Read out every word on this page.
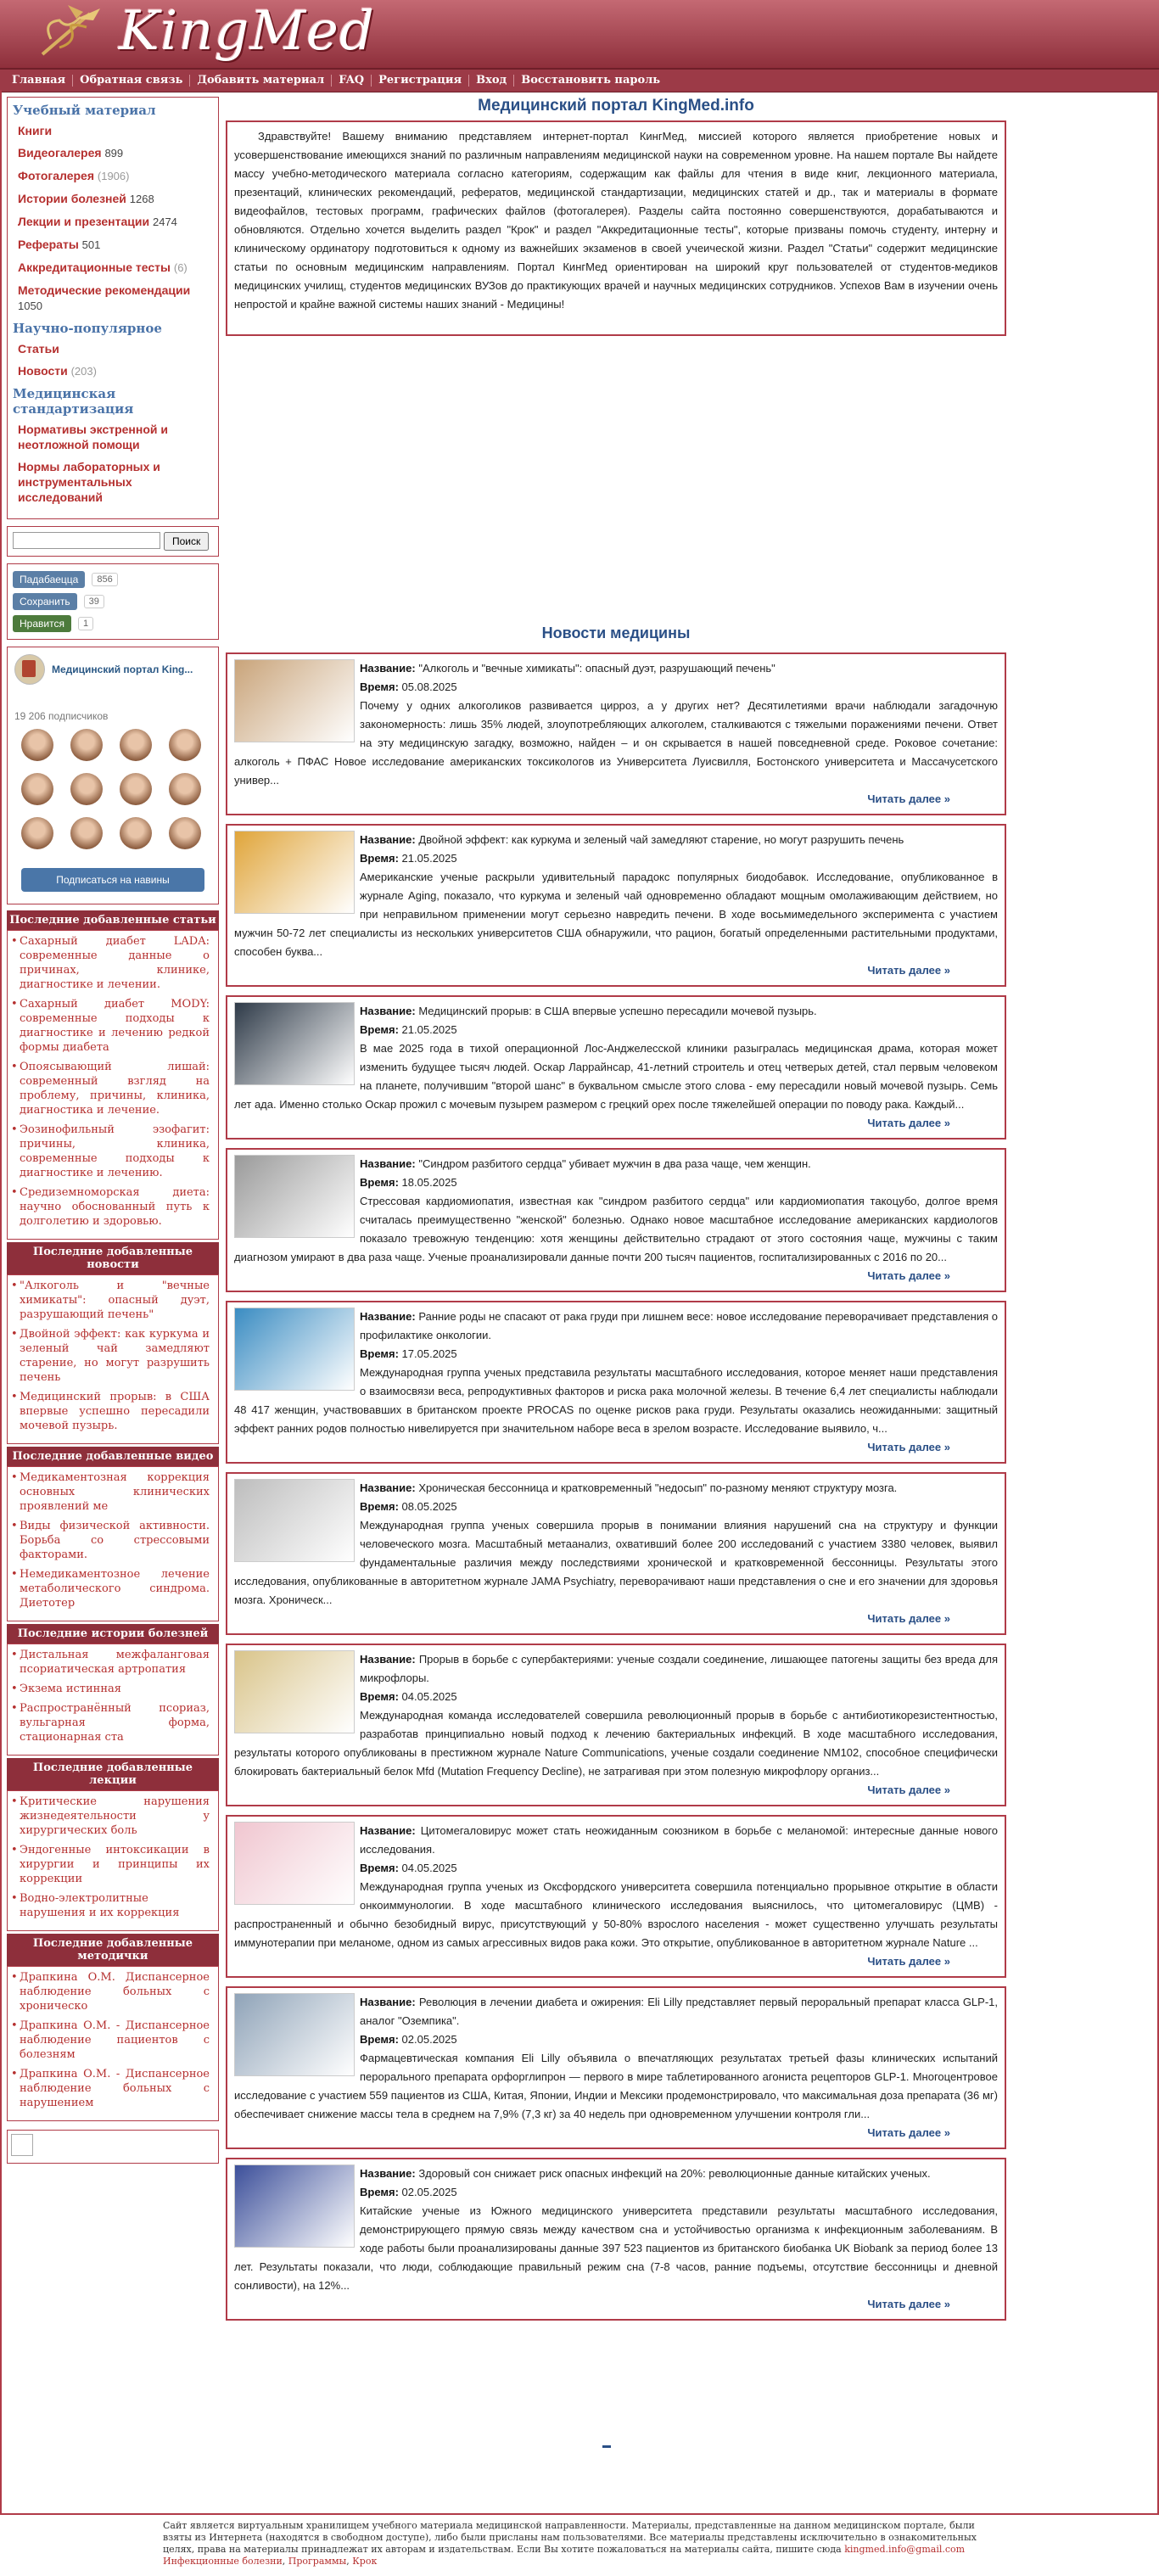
KingMed
Главная	Обратная связь	Добавить материал	FAQ	Регистрация	Вход	Восстановить пароль
Учебный материал
Книги
Видеогалерея 899
Фотогалерея (1906)
Истории болезней 1268
Лекции и презентации 2474
Рефераты 501
Аккредитационные тесты (6)
Методические рекомендации 1050
Научно-популярное
Статьи
Новости (203)
Медицинская стандартизация
Нормативы экстренной и неотложной помощи
Нормы лабораторных и инструментальных исследований
Поиск
Падабаецца	856
Сохранить	39
Нравится	1
Медицинский портал King...
19 206 подписчиков
Подписаться на навины
Последние добавленные статьи
• Сахарный диабет LADA: современные данные о причинах, клинике, диагностике и лечении.
• Сахарный диабет MODY: современные подходы к диагностике и лечению редкой формы диабета
• Опоясывающий лишай: современный взгляд на проблему, причины, клиника, диагностика и лечение.
• Эозинофильный эзофагит: причины, клиника, современные подходы к диагностике и лечению.
• Средиземноморская диета: научно обоснованный путь к долголетию и здоровью.
Последние добавленные новости
• "Алкоголь и "вечные химикаты": опасный дуэт, разрушающий печень"
• Двойной эффект: как куркума и зеленый чай замедляют старение, но могут разрушить печень
• Медицинский прорыв: в США впервые успешно пересадили мочевой пузырь.
Последние добавленные видео
• Медикаментозная коррекция основных клинических проявлений ме
• Виды физической активности. Борьба со стрессовыми факторами.
• Немедикаментозное лечение метаболического синдрома. Диетотер
Последние истории болезней
• Дистальная межфаланговая псориатическая артропатия
• Экзема истинная
• Распространённый псориаз, вульгарная форма, стационарная ста
Последние добавленные лекции
• Критические нарушения жизнедеятельности у хирургических боль
• Эндогенные интоксикации в хирургии и принципы их коррекции
• Водно-электролитные нарушения и их коррекция
Последние добавленные методички
• Драпкина О.М. Диспансерное наблюдение больных с хроническо
• Драпкина О.М. - Диспансерное наблюдение пациентов с болезням
• Драпкина О.М. - Диспансерное наблюдение больных с нарушением
Медицинский портал KingMed.info
Здравствуйте! Вашему вниманию представляем интернет-портал КингМед, миссией которого является приобретение новых и усовершенствование имеющихся знаний по различным направлениям медицинской науки на современном уровне. На нашем портале Вы найдете массу учебно-методического материала согласно категориям, содержащим как файлы для чтения в виде книг, лекционного материала, презентаций, клинических рекомендаций, рефератов, медицинской стандартизации, медицинских статей и др., так и материалы в формате видеофайлов, тестовых программ, графических файлов (фотогалерея). Разделы сайта постоянно совершенствуются, дорабатываются и обновляются. Отдельно хочется выделить раздел "Крок" и раздел "Аккредитационные тесты", которые призваны помочь студенту, интерну и клиническому ординатору подготовиться к одному из важнейших экзаменов в своей учеической жизни. Раздел "Статьи" содержит медицинские статьи по основным медицинским направлениям. Портал КингМед ориентирован на широкий круг пользователей от студентов-медиков медицинских училищ, студентов медицинских ВУЗов до практикующих врачей и научных медицинских сотрудников. Успехов Вам в изучении очень непростой и крайне важной системы наших знаний - Медицины!
Новости медицины
Название: "Алкоголь и "вечные химикаты": опасный дуэт, разрушающий печень"
Время: 05.08.2025
Почему у одних алкоголиков развивается цирроз, а у других нет? Десятилетиями врачи наблюдали загадочную закономерность: лишь 35% людей, злоупотребляющих алкоголем, сталкиваются с тяжелыми поражениями печени. Ответ на эту медицинскую загадку, возможно, найден – и он скрывается в нашей повседневной среде. Роковое сочетание: алкоголь + ПФАС Новое исследование американских токсикологов из Университета Луисвилля, Бостонского университета и Массачусетского универ...
Читать далее »
Название: Двойной эффект: как куркума и зеленый чай замедляют старение, но могут разрушить печень
Время: 21.05.2025
Американские ученые раскрыли удивительный парадокс популярных биодобавок. Исследование, опубликованное в журнале Aging, показало, что куркума и зеленый чай одновременно обладают мощным омолаживающим действием, но при неправильном применении могут серьезно навредить печени. В ходе восьмимедельного эксперимента с участием мужчин 50-72 лет специалисты из нескольких университетов США обнаружили, что рацион, богатый определенными растительными продуктами, способен буква...
Читать далее »
Название: Медицинский прорыв: в США впервые успешно пересадили мочевой пузырь.
Время: 21.05.2025
В мае 2025 года в тихой операционной Лос-Анджелесской клиники разыгралась медицинская драма, которая может изменить будущее тысяч людей. Оскар Ларрайнсар, 41-летний строитель и отец четверых детей, стал первым человеком на планете, получившим "второй шанс" в буквальном смысле этого слова - ему пересадили новый мочевой пузырь. Семь лет ада. Именно столько Оскар прожил с мочевым пузырем размером с грецкий орех после тяжелейшей операции по поводу рака. Каждый...
Читать далее »
Название: "Синдром разбитого сердца" убивает мужчин в два раза чаще, чем женщин.
Время: 18.05.2025
Стрессовая кардиомиопатия, известная как "синдром разбитого сердца" или кардиомиопатия такоцубо, долгое время считалась преимущественно "женской" болезнью. Однако новое масштабное исследование американских кардиологов показало тревожную тенденцию: хотя женщины действительно страдают от этого состояния чаще, мужчины с таким диагнозом умирают в два раза чаще. Ученые проанализировали данные почти 200 тысяч пациентов, госпитализированных с 2016 по 20...
Читать далее »
Название: Ранние роды не спасают от рака груди при лишнем весе: новое исследование переворачивает представления о профилактике онкологии.
Время: 17.05.2025
Международная группа ученых представила результаты масштабного исследования, которое меняет наши представления о взаимосвязи веса, репродуктивных факторов и риска рака молочной железы. В течение 6,4 лет специалисты наблюдали 48 417 женщин, участвовавших в британском проекте PROCAS по оценке рисков рака груди. Результаты оказались неожиданными: защитный эффект ранних родов полностью нивелируется при значительном наборе веса в зрелом возрасте. Исследование выявило, ч...
Читать далее »
Название: Хроническая бессонница и кратковременный "недосып" по-разному меняют структуру мозга.
Время: 08.05.2025
Международная группа ученых совершила прорыв в понимании влияния нарушений сна на структуру и функции человеческого мозга. Масштабный метаанализ, охвативший более 200 исследований с участием 3380 человек, выявил фундаментальные различия между последствиями хронической и кратковременной бессонницы. Результаты этого исследования, опубликованные в авторитетном журнале JAMA Psychiatry, переворачивают наши представления о сне и его значении для здоровья мозга. Хроническ...
Читать далее »
Название: Прорыв в борьбе с супербактериями: ученые создали соединение, лишающее патогены защиты без вреда для микрофлоры.
Время: 04.05.2025
Международная команда исследователей совершила революционный прорыв в борьбе с антибиотикорезистентностью, разработав принципиально новый подход к лечению бактериальных инфекций. В ходе масштабного исследования, результаты которого опубликованы в престижном журнале Nature Communications, ученые создали соединение NM102, способное специфически блокировать бактериальный белок Mfd (Mutation Frequency Decline), не затрагивая при этом полезную микрофлору организ...
Читать далее »
Название: Цитомегаловирус может стать неожиданным союзником в борьбе с меланомой: интересные данные нового исследования.
Время: 04.05.2025
Международная группа ученых из Оксфордского университета совершила потенциально прорывное открытие в области онкоиммунологии. В ходе масштабного клинического исследования выяснилось, что цитомегаловирус (ЦМВ) - распространенный и обычно безобидный вирус, присутствующий у 50-80% взрослого населения - может существенно улучшать результаты иммунотерапии при меланоме, одном из самых агрессивных видов рака кожи. Это открытие, опубликованное в авторитетном журнале Nature ...
Читать далее »
Название: Революция в лечении диабета и ожирения: Eli Lilly представляет первый пероральный препарат класса GLP-1, аналог "Оземпика".
Время: 02.05.2025
Фармацевтическая компания Eli Lilly объявила о впечатляющих результатах третьей фазы клинических испытаний перорального препарата орфорглипрон — первого в мире таблетированного агониста рецепторов GLP-1. Многоцентровое исследование с участием 559 пациентов из США, Китая, Японии, Индии и Мексики продемонстрировало, что максимальная доза препарата (36 мг) обеспечивает снижение массы тела в среднем на 7,9% (7,3 кг) за 40 недель при одновременном улучшении контроля гли...
Читать далее »
Название: Здоровый сон снижает риск опасных инфекций на 20%: революционные данные китайских ученых.
Время: 02.05.2025
Китайские ученые из Южного медицинского университета представили результаты масштабного исследования, демонстрирующего прямую связь между качеством сна и устойчивостью организма к инфекционным заболеваниям. В ходе работы были проанализированы данные 397 523 пациентов из британского биобанка UK Biobank за период более 13 лет. Результаты показали, что люди, соблюдающие правильный режим сна (7-8 часов, ранние подъемы, отсутствие бессонницы и дневной сонливости), на 12%...
Читать далее »
Сайт является виртуальным хранилищем учебного материала медицинской направленности. Материалы, представленные на данном медицинском портале, были взяты из Интернета (находятся в свободном доступе), либо были присланы нам пользователями. Все материалы представлены исключительно в ознакомительных целях, права на материалы принадлежат их авторам и издательствам. Если Вы хотите пожаловаться на материалы сайта, пишите сюда kingmed.info@gmail.com
Инфекционные болезни, Программы, Крок
